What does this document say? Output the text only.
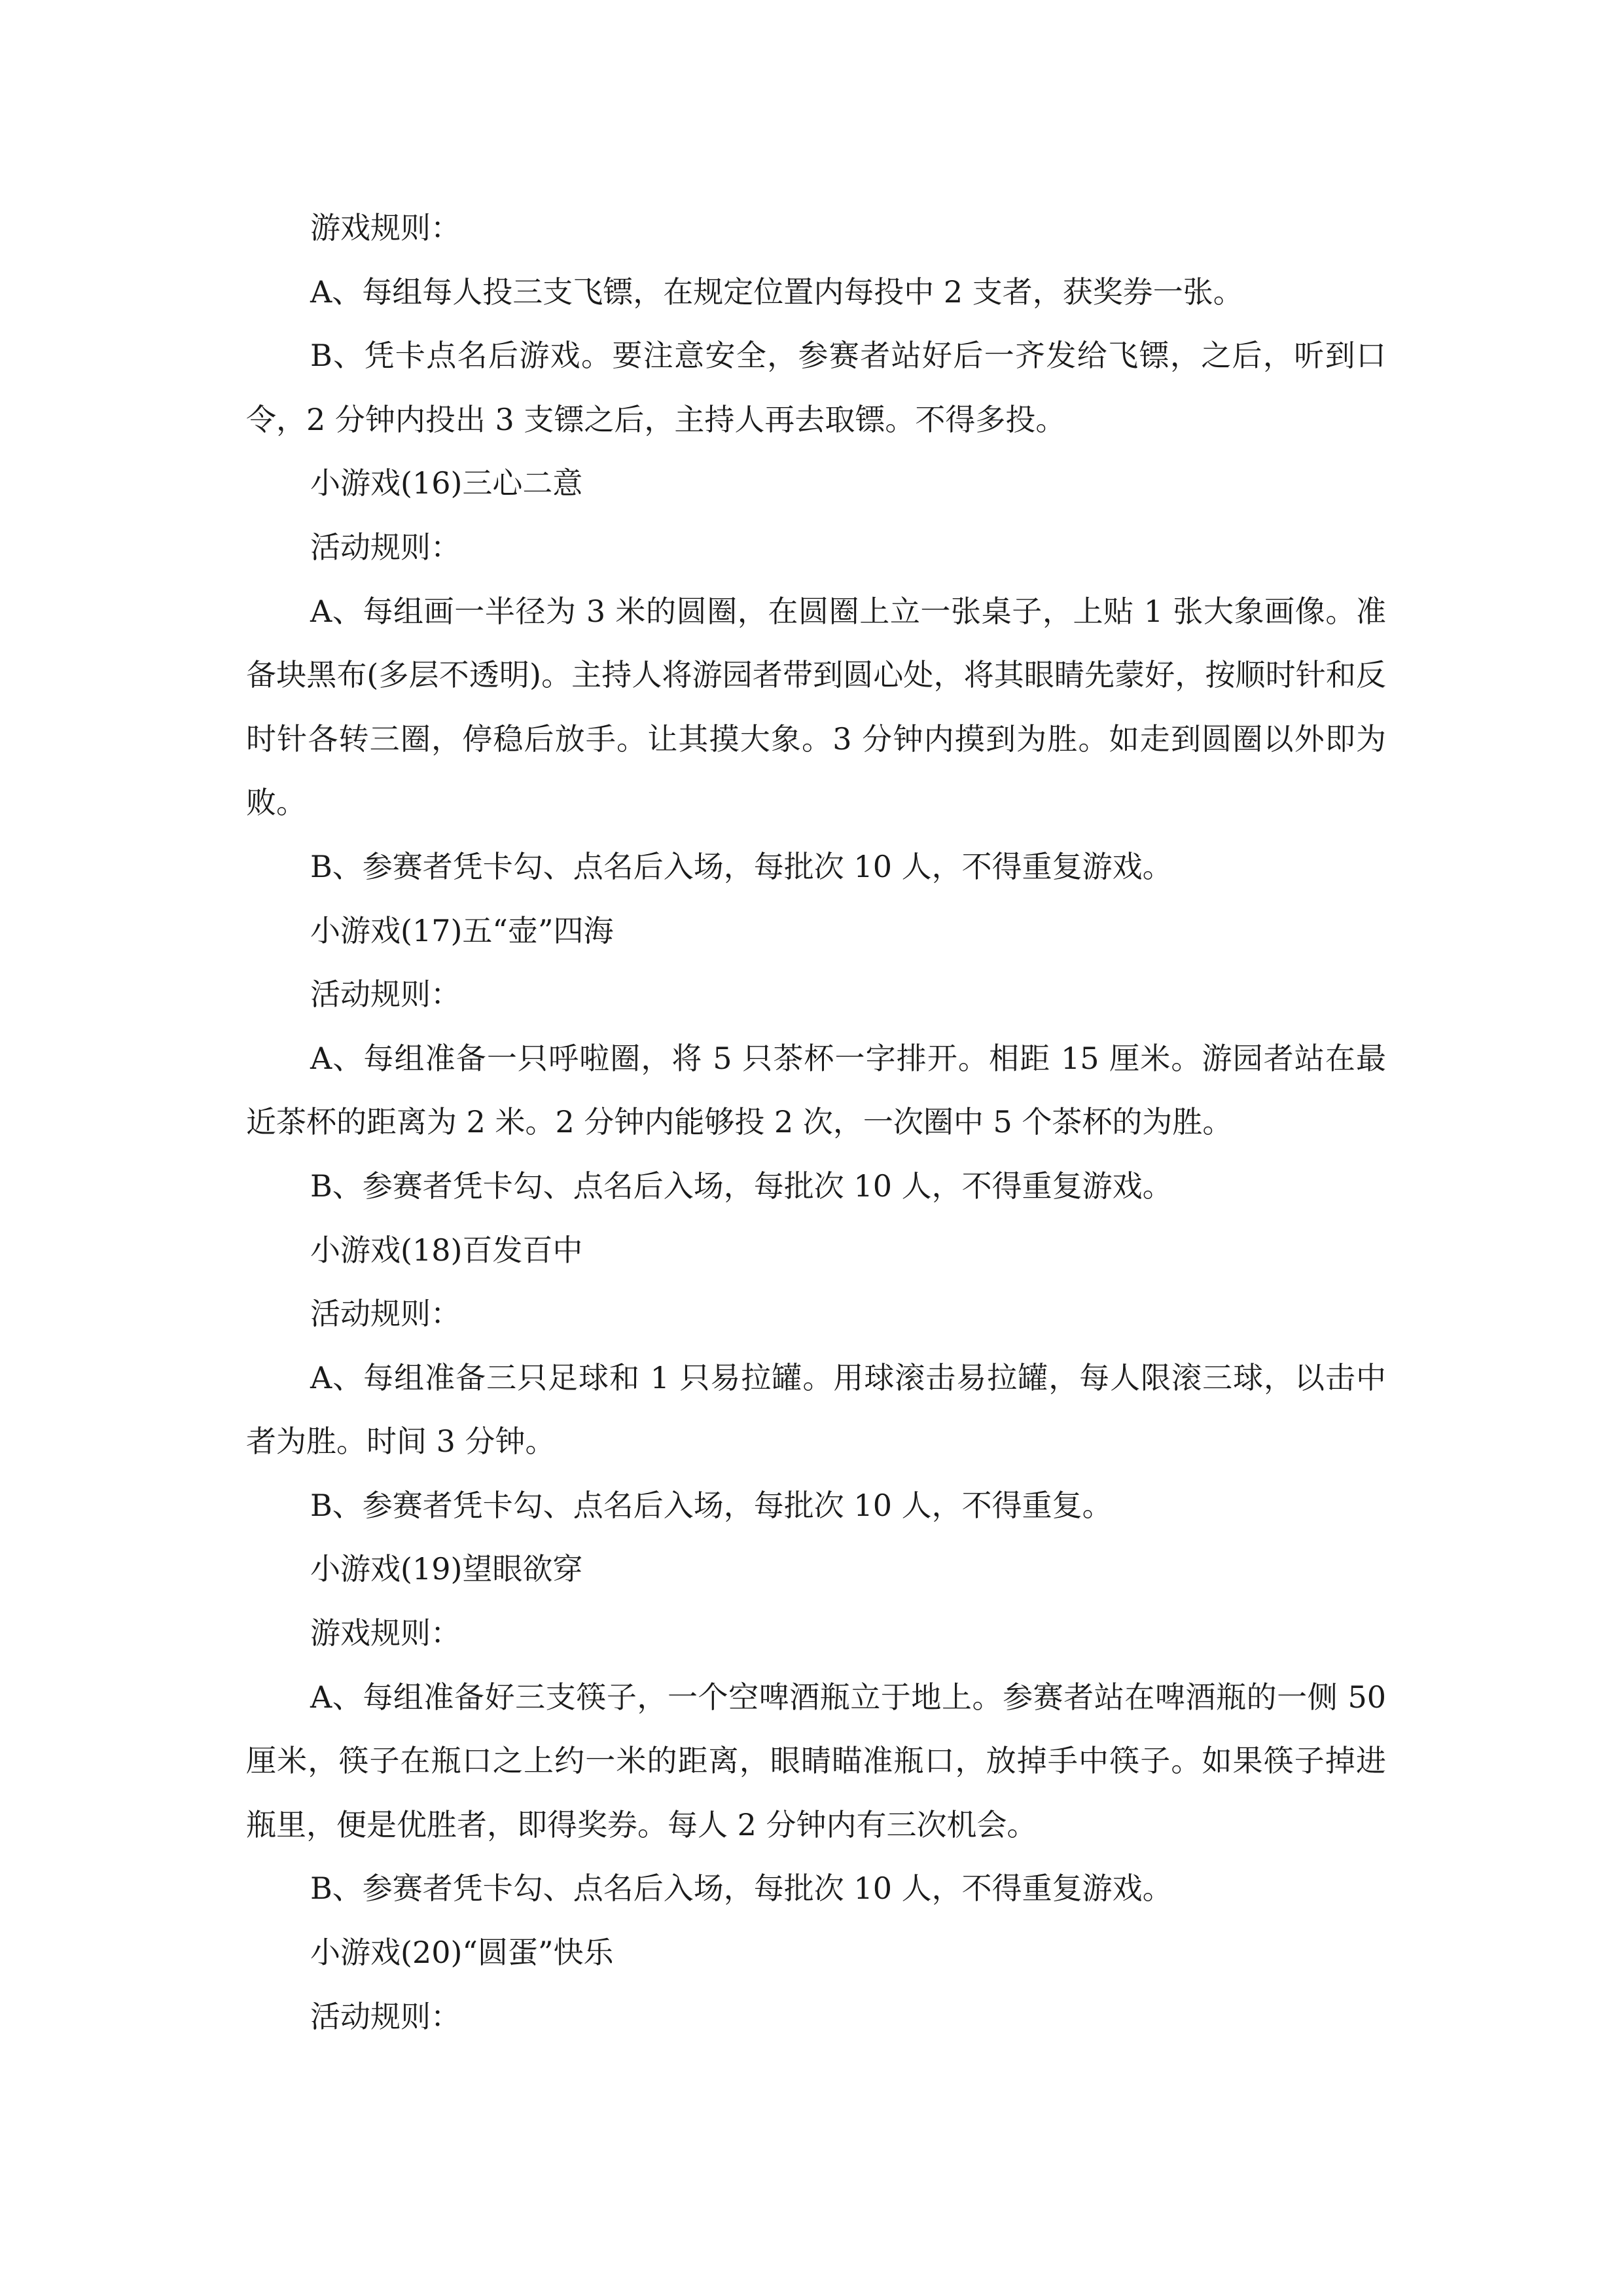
游戏规则：

A、每组每人投三支飞镖，在规定位置内每投中 2 支者，获奖券一张。

B、凭卡点名后游戏。要注意安全，参赛者站好后一齐发给飞镖，之后，听到口令，2 分钟内投出 3 支镖之后，主持人再去取镖。不得多投。

小游戏(16)三心二意

活动规则：

A、每组画一半径为 3 米的圆圈，在圆圈上立一张桌子，上贴 1 张大象画像。准备块黑布(多层不透明)。主持人将游园者带到圆心处，将其眼睛先蒙好，按顺时针和反时针各转三圈，停稳后放手。让其摸大象。3 分钟内摸到为胜。如走到圆圈以外即为败。

B、参赛者凭卡勾、点名后入场，每批次 10 人，不得重复游戏。

小游戏(17)五“壶”四海

活动规则：

A、每组准备一只呼啦圈，将 5 只茶杯一字排开。相距 15 厘米。游园者站在最近茶杯的距离为 2 米。2 分钟内能够投 2 次，一次圈中 5 个茶杯的为胜。

B、参赛者凭卡勾、点名后入场，每批次 10 人，不得重复游戏。

小游戏(18)百发百中

活动规则：

A、每组准备三只足球和 1 只易拉罐。用球滚击易拉罐，每人限滚三球，以击中者为胜。时间 3 分钟。

B、参赛者凭卡勾、点名后入场，每批次 10 人，不得重复。

小游戏(19)望眼欲穿

游戏规则：

A、每组准备好三支筷子，一个空啤酒瓶立于地上。参赛者站在啤酒瓶的一侧 50 厘米，筷子在瓶口之上约一米的距离，眼睛瞄准瓶口，放掉手中筷子。如果筷子掉进瓶里，便是优胜者，即得奖券。每人 2 分钟内有三次机会。

B、参赛者凭卡勾、点名后入场，每批次 10 人，不得重复游戏。

小游戏(20)“圆蛋”快乐

活动规则：
